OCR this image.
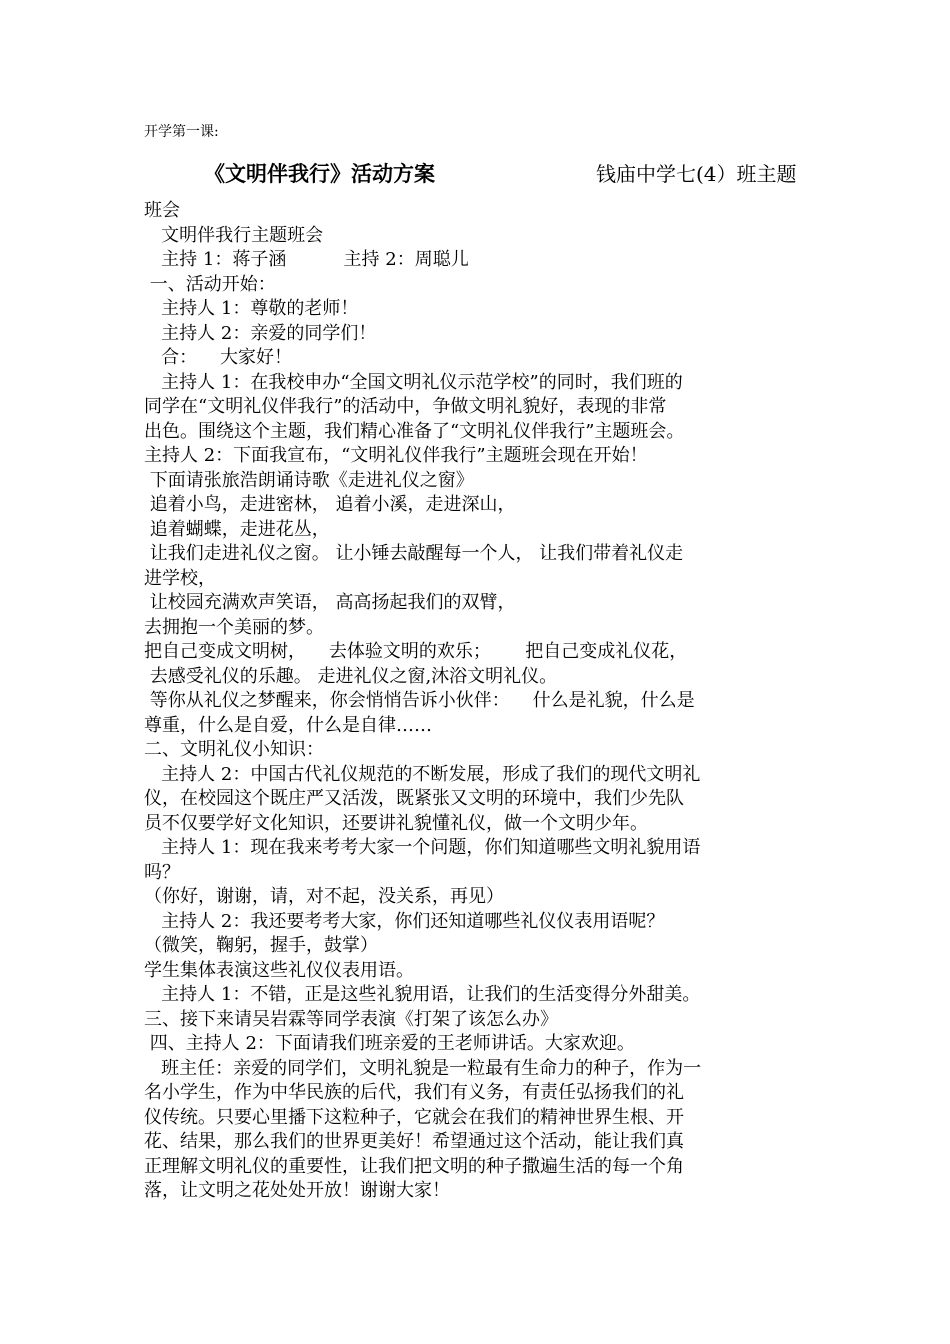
开学第一课:
《文明伴我行》活动方案	钱庙中学七(4）班主题
班会
文明伴我行主题班会
主持 1：蒋子涵          主持 2：周聪儿
一、活动开始：
主持人 1：尊敬的老师！
主持人 2：亲爱的同学们！
合：    大家好！
主持人 1：在我校申办“全国文明礼仪示范学校”的同时，我们班的
同学在“文明礼仪伴我行”的活动中，争做文明礼貌好，表现的非常
出色。围绕这个主题，我们精心准备了“文明礼仪伴我行”主题班会。
主持人 2：下面我宣布，“文明礼仪伴我行”主题班会现在开始！
下面请张旅浩朗诵诗歌《走进礼仪之窗》
追着小鸟，走进密林， 追着小溪，走进深山，
追着蝴蝶，走进花丛，
让我们走进礼仪之窗。 让小锤去敲醒每一个人， 让我们带着礼仪走
进学校，
让校园充满欢声笑语， 高高扬起我们的双臂，
去拥抱一个美丽的梦。
把自己变成文明树，    去体验文明的欢乐；      把自己变成礼仪花，
去感受礼仪的乐趣。 走进礼仪之窗,沐浴文明礼仪。
等你从礼仪之梦醒来，你会悄悄告诉小伙伴：    什么是礼貌，什么是
尊重，什么是自爱，什么是自律……
二、文明礼仪小知识：
主持人 2：中国古代礼仪规范的不断发展，形成了我们的现代文明礼
仪，在校园这个既庄严又活泼，既紧张又文明的环境中，我们少先队
员不仅要学好文化知识，还要讲礼貌懂礼仪，做一个文明少年。
主持人 1：现在我来考考大家一个问题，你们知道哪些文明礼貌用语
吗？
（你好，谢谢，请，对不起，没关系，再见）
主持人 2：我还要考考大家，你们还知道哪些礼仪仪表用语呢？
（微笑，鞠躬，握手，鼓掌）
学生集体表演这些礼仪仪表用语。
主持人 1：不错，正是这些礼貌用语，让我们的生活变得分外甜美。
三、接下来请吴岩霖等同学表演《打架了该怎么办》
四、主持人 2：下面请我们班亲爱的王老师讲话。大家欢迎。
班主任：亲爱的同学们，文明礼貌是一粒最有生命力的种子，作为一
名小学生，作为中华民族的后代，我们有义务，有责任弘扬我们的礼
仪传统。只要心里播下这粒种子，它就会在我们的精神世界生根、开
花、结果，那么我们的世界更美好！希望通过这个活动，能让我们真
正理解文明礼仪的重要性，让我们把文明的种子撒遍生活的每一个角
落，让文明之花处处开放！谢谢大家！
